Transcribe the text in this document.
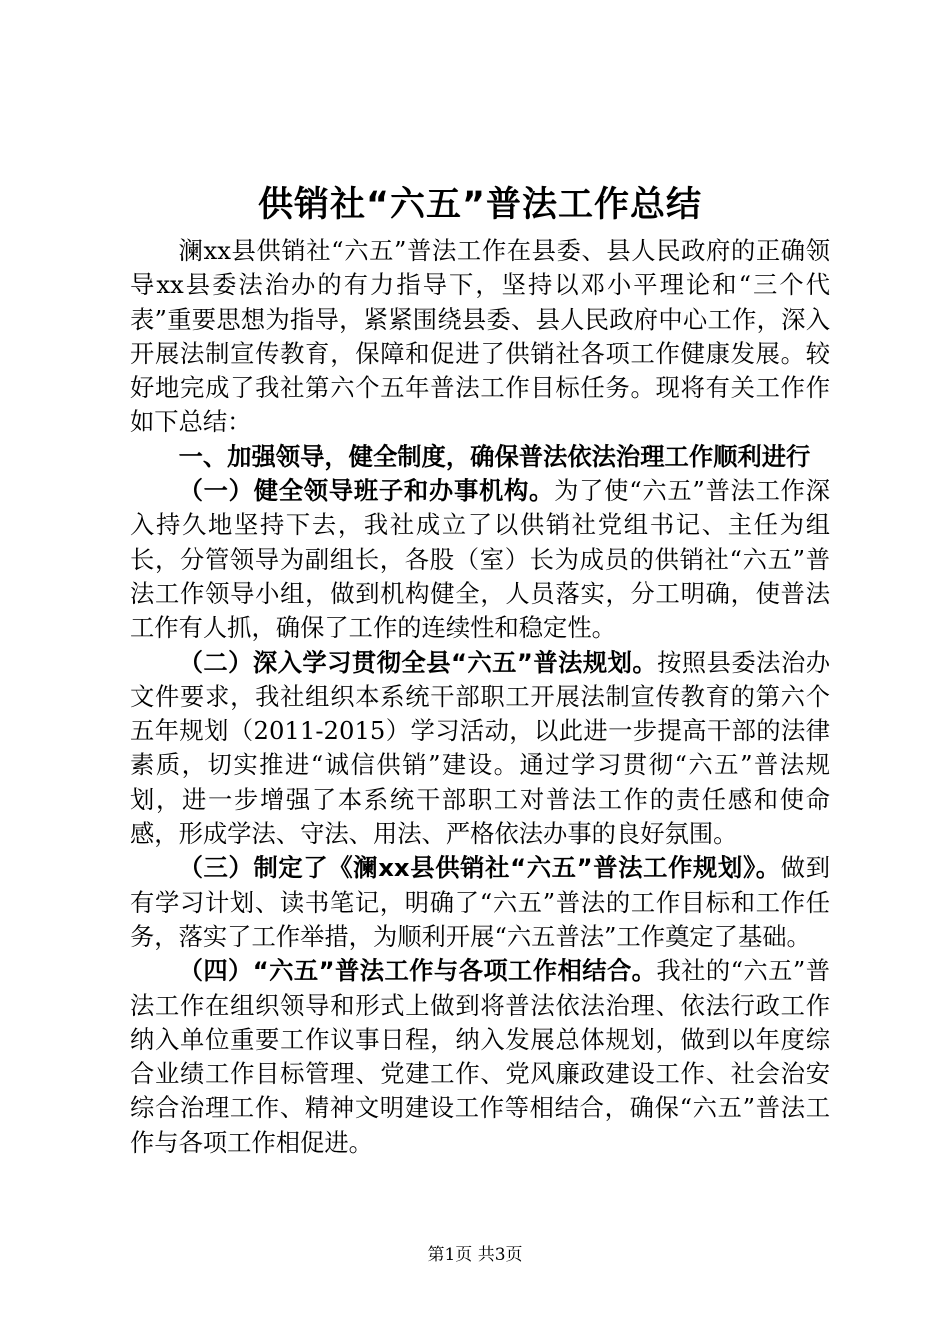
供销社“六五”普法工作总结

澜xx县供销社“六五”普法工作在县委、县人民政府的正确领导xx县委法治办的有力指导下，坚持以邓小平理论和“三个代表”重要思想为指导，紧紧围绕县委、县人民政府中心工作，深入开展法制宣传教育，保障和促进了供销社各项工作健康发展。较好地完成了我社第六个五年普法工作目标任务。现将有关工作作如下总结：

一、加强领导，健全制度，确保普法依法治理工作顺利进行

（一）健全领导班子和办事机构。为了使“六五”普法工作深入持久地坚持下去，我社成立了以供销社党组书记、主任为组长，分管领导为副组长，各股（室）长为成员的供销社“六五”普法工作领导小组，做到机构健全，人员落实，分工明确，使普法工作有人抓，确保了工作的连续性和稳定性。

（二）深入学习贯彻全县“六五”普法规划。按照县委法治办文件要求，我社组织本系统干部职工开展法制宣传教育的第六个五年规划（2011-2015）学习活动，以此进一步提高干部的法律素质，切实推进“诚信供销”建设。通过学习贯彻“六五”普法规划，进一步增强了本系统干部职工对普法工作的责任感和使命感，形成学法、守法、用法、严格依法办事的良好氛围。

（三）制定了《澜xx县供销社“六五”普法工作规划》。做到有学习计划、读书笔记，明确了“六五”普法的工作目标和工作任务，落实了工作举措，为顺利开展“六五普法”工作奠定了基础。

（四）“六五”普法工作与各项工作相结合。我社的“六五”普法工作在组织领导和形式上做到将普法依法治理、依法行政工作纳入单位重要工作议事日程，纳入发展总体规划，做到以年度综合业绩工作目标管理、党建工作、党风廉政建设工作、社会治安综合治理工作、精神文明建设工作等相结合，确保“六五”普法工作与各项工作相促进。

第1页 共3页
